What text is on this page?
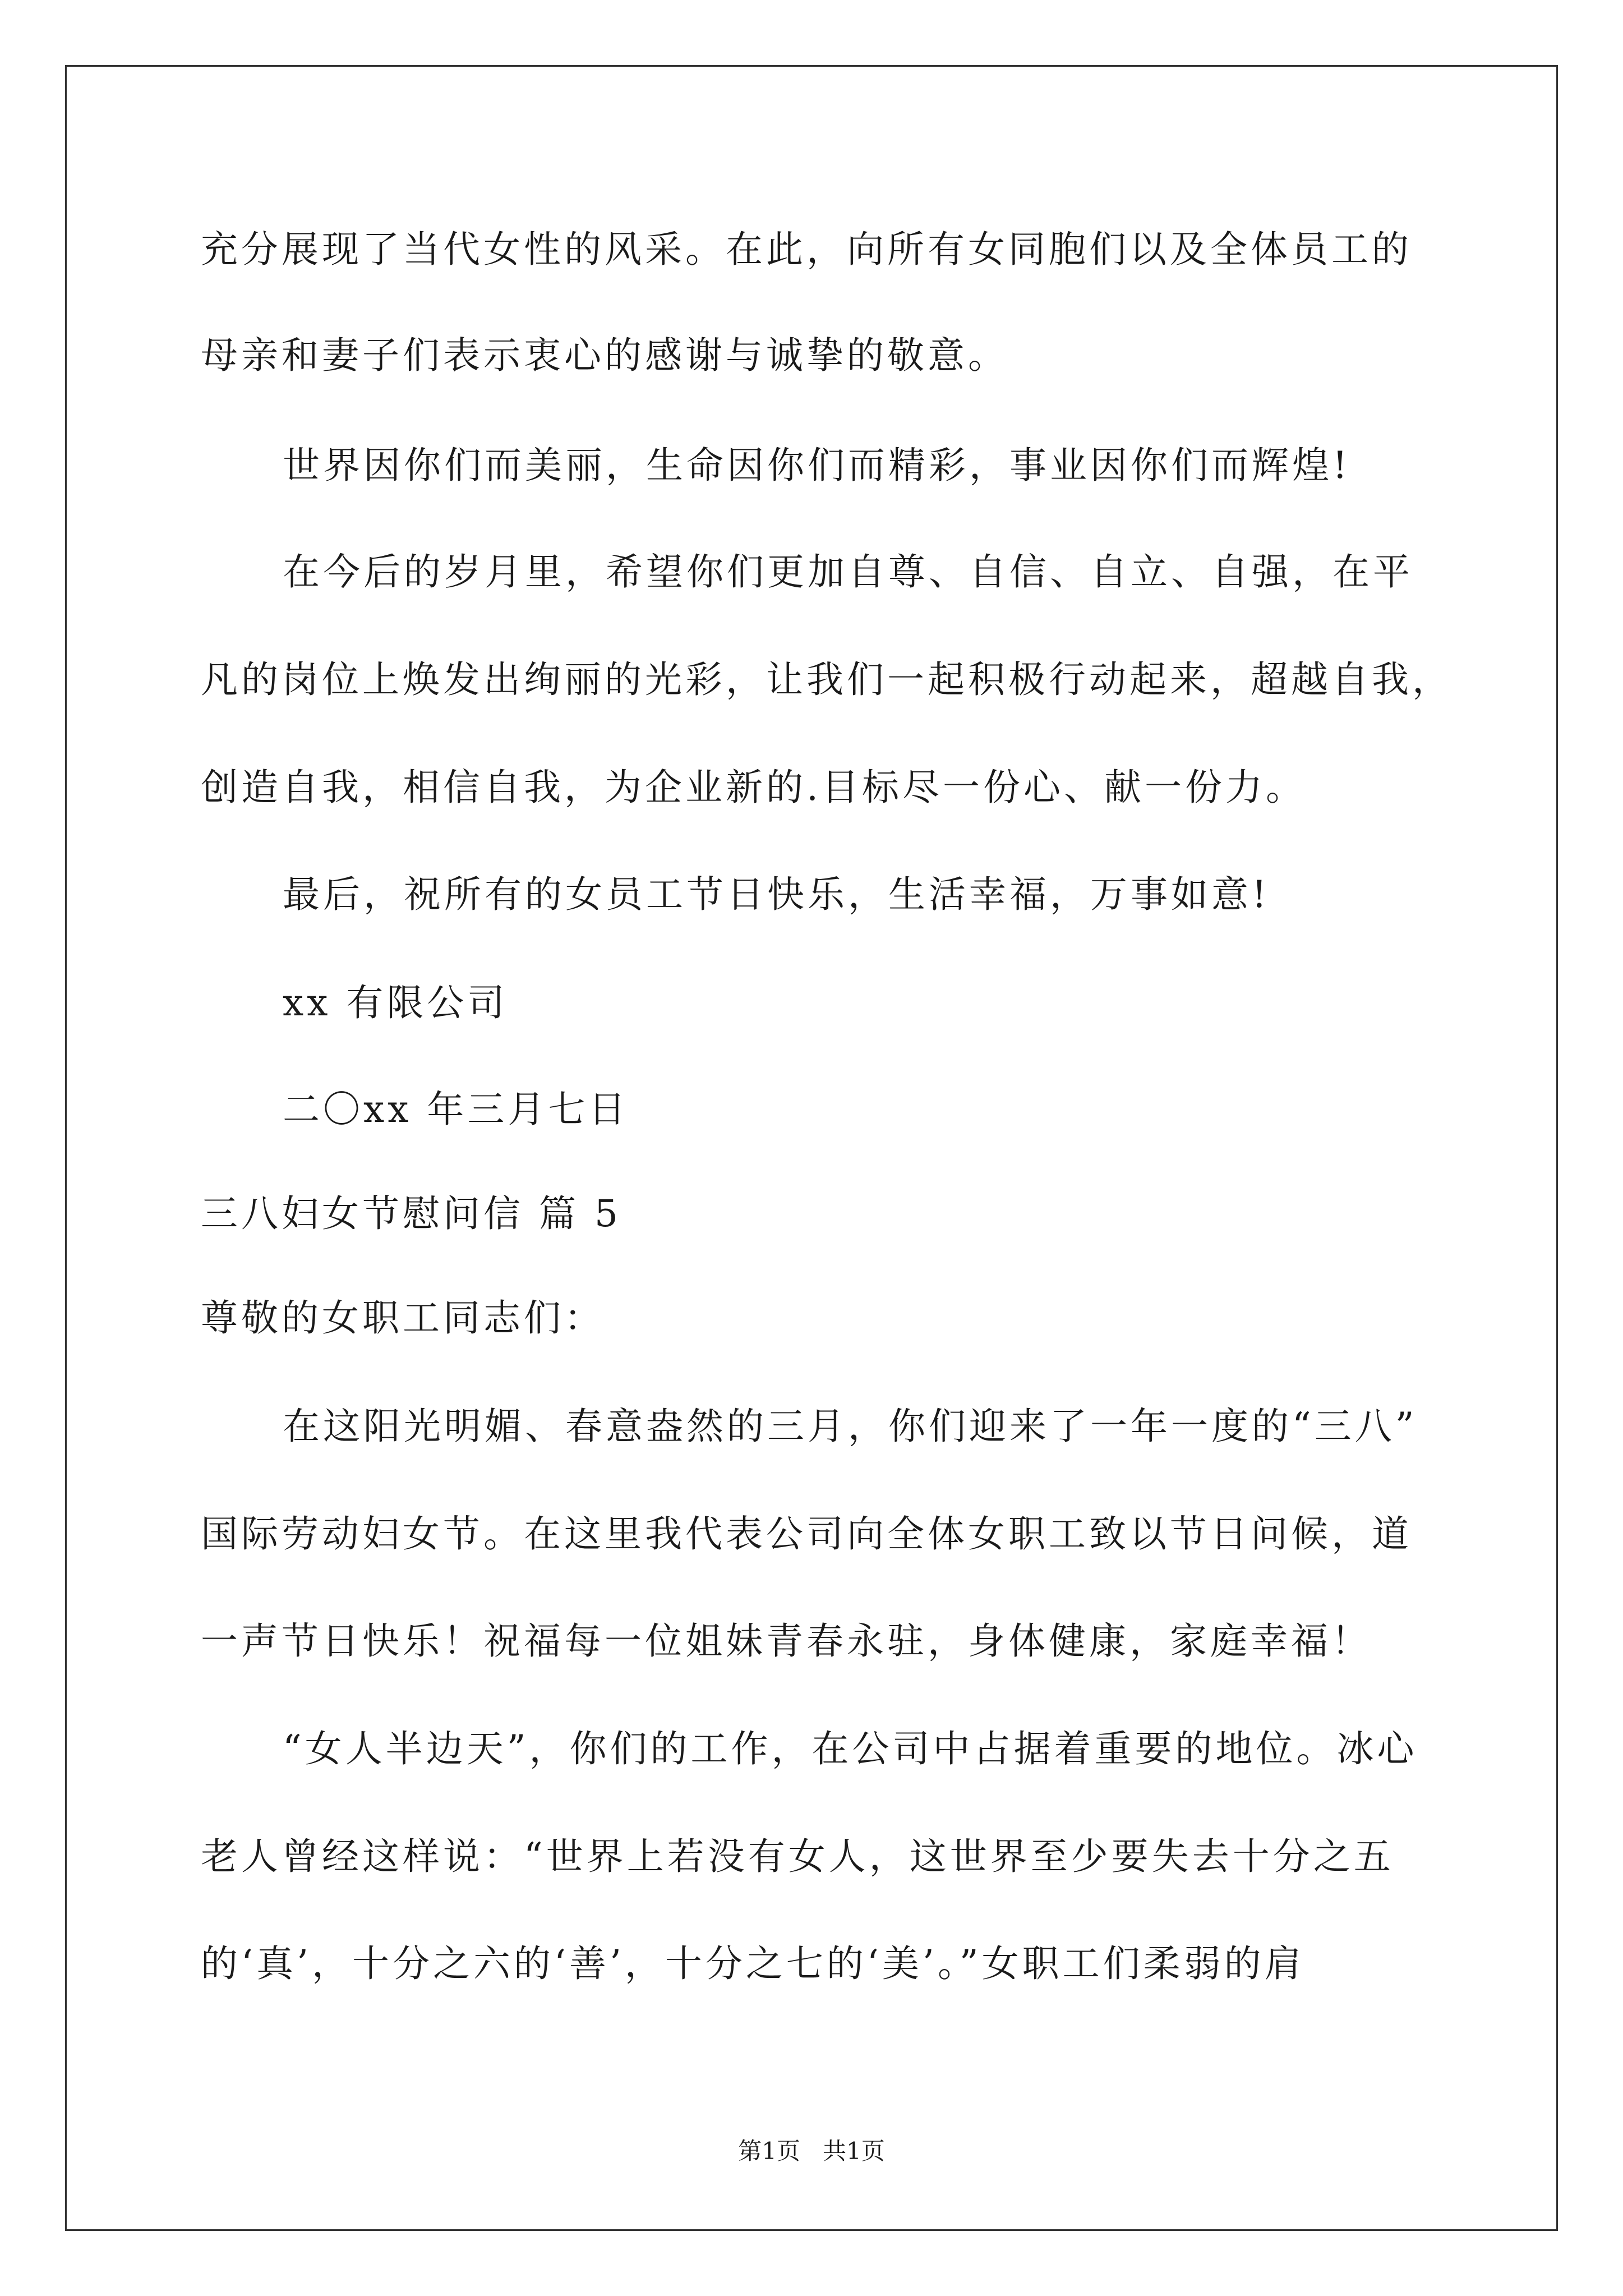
充分展现了当代女性的风采。在此，向所有女同胞们以及全体员工的
母亲和妻子们表示衷心的感谢与诚挚的敬意。
世界因你们而美丽，生命因你们而精彩，事业因你们而辉煌!
在今后的岁月里，希望你们更加自尊、自信、自立、自强，在平
凡的岗位上焕发出绚丽的光彩，让我们一起积极行动起来，超越自我，
创造自我，相信自我，为企业新的.目标尽一份心、献一份力。
最后，祝所有的女员工节日快乐，生活幸福，万事如意!
xx 有限公司
二〇xx 年三月七日
三八妇女节慰问信 篇 5
尊敬的女职工同志们：
在这阳光明媚、春意盎然的三月，你们迎来了一年一度的“三八”
国际劳动妇女节。在这里我代表公司向全体女职工致以节日问候，道
一声节日快乐！祝福每一位姐妹青春永驻，身体健康，家庭幸福！
“女人半边天”，你们的工作，在公司中占据着重要的地位。冰心
老人曾经这样说：“世界上若没有女人，这世界至少要失去十分之五
的‘真’，十分之六的‘善’，十分之七的‘美’。”女职工们柔弱的肩
第1页   共1页
